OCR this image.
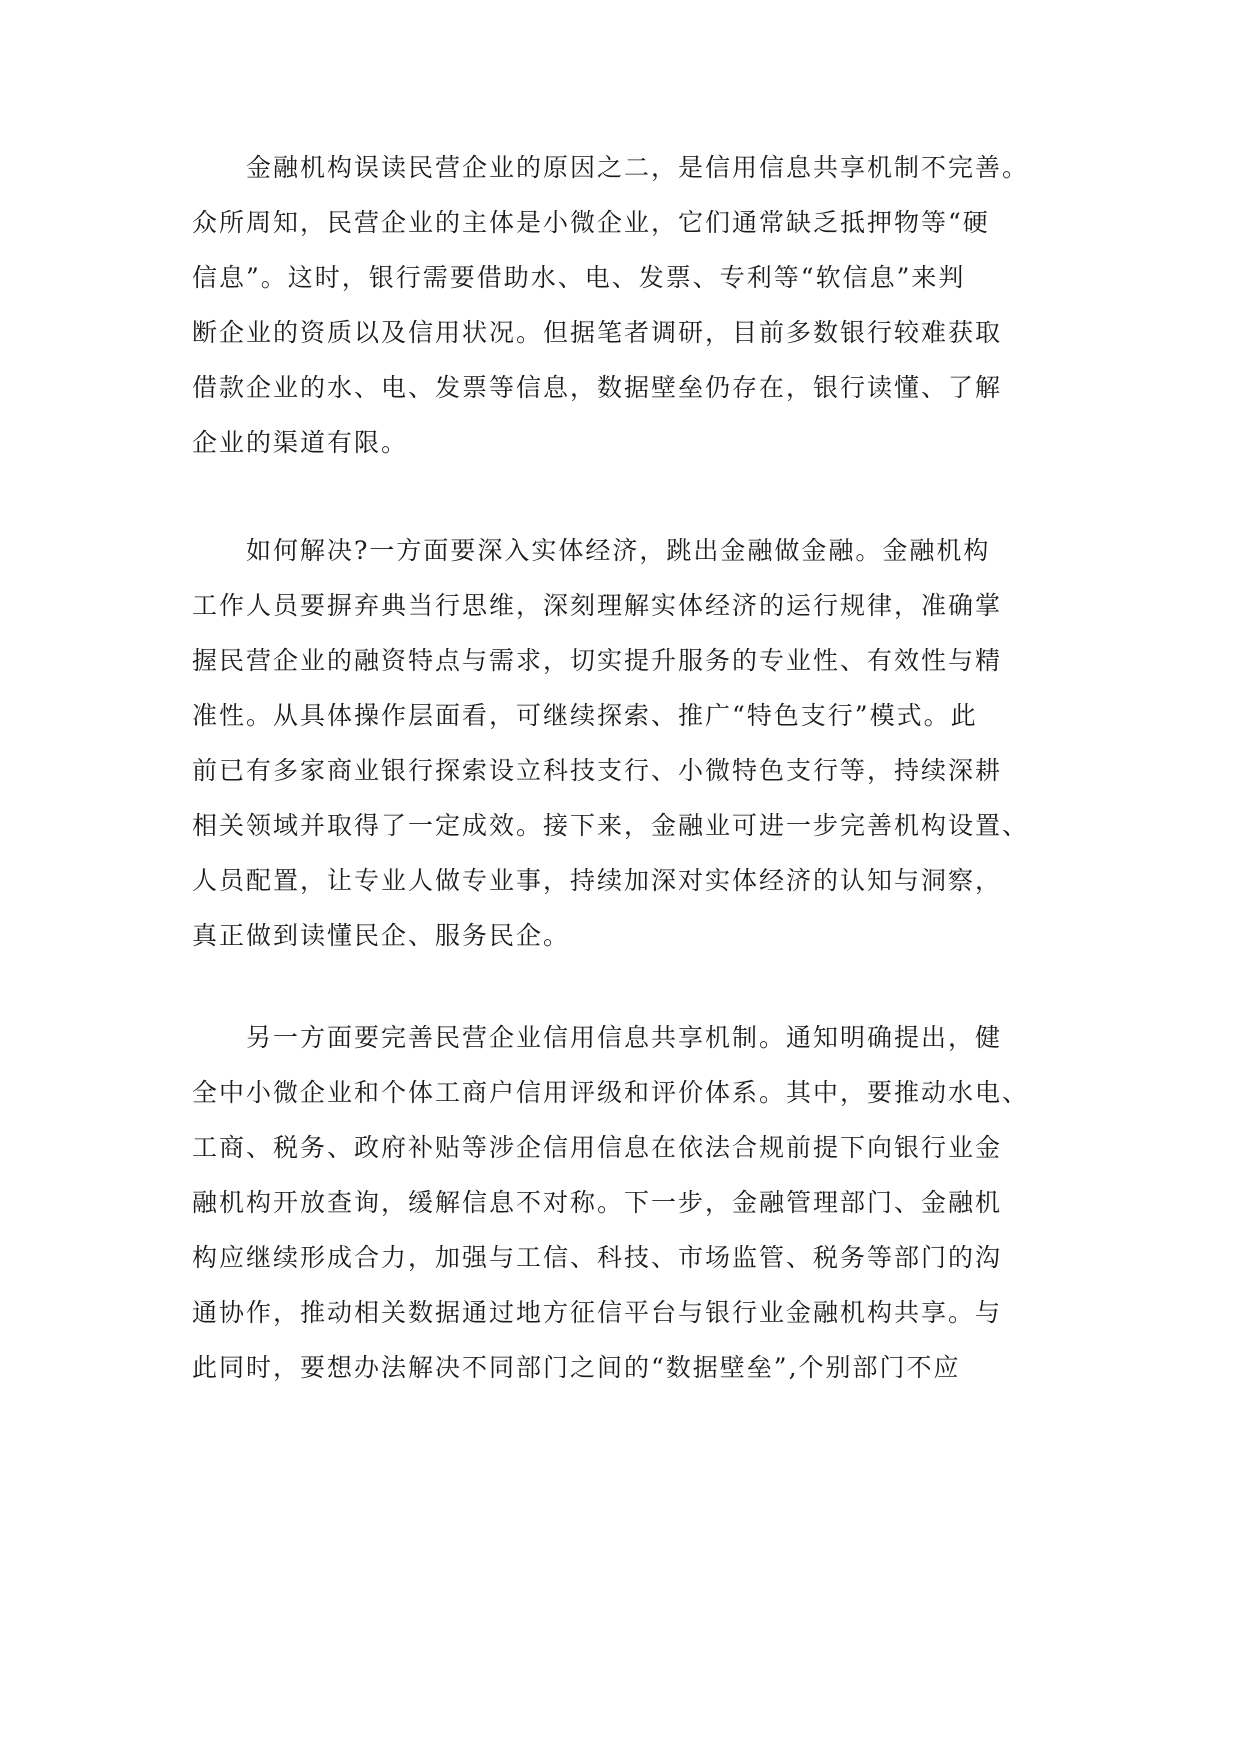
　　金融机构误读民营企业的原因之二，是信用信息共享机制不完善。
众所周知，民营企业的主体是小微企业，它们通常缺乏抵押物等“硬
信息”。这时，银行需要借助水、电、发票、专利等“软信息”来判
断企业的资质以及信用状况。但据笔者调研，目前多数银行较难获取
借款企业的水、电、发票等信息，数据壁垒仍存在，银行读懂、了解
企业的渠道有限。
　　如何解决?一方面要深入实体经济，跳出金融做金融。金融机构
工作人员要摒弃典当行思维，深刻理解实体经济的运行规律，准确掌
握民营企业的融资特点与需求，切实提升服务的专业性、有效性与精
准性。从具体操作层面看，可继续探索、推广“特色支行”模式。此
前已有多家商业银行探索设立科技支行、小微特色支行等，持续深耕
相关领域并取得了一定成效。接下来，金融业可进一步完善机构设置、
人员配置，让专业人做专业事，持续加深对实体经济的认知与洞察，
真正做到读懂民企、服务民企。
　　另一方面要完善民营企业信用信息共享机制。通知明确提出，健
全中小微企业和个体工商户信用评级和评价体系。其中，要推动水电、
工商、税务、政府补贴等涉企信用信息在依法合规前提下向银行业金
融机构开放查询，缓解信息不对称。下一步，金融管理部门、金融机
构应继续形成合力，加强与工信、科技、市场监管、税务等部门的沟
通协作，推动相关数据通过地方征信平台与银行业金融机构共享。与
此同时，要想办法解决不同部门之间的“数据壁垒”,个别部门不应
